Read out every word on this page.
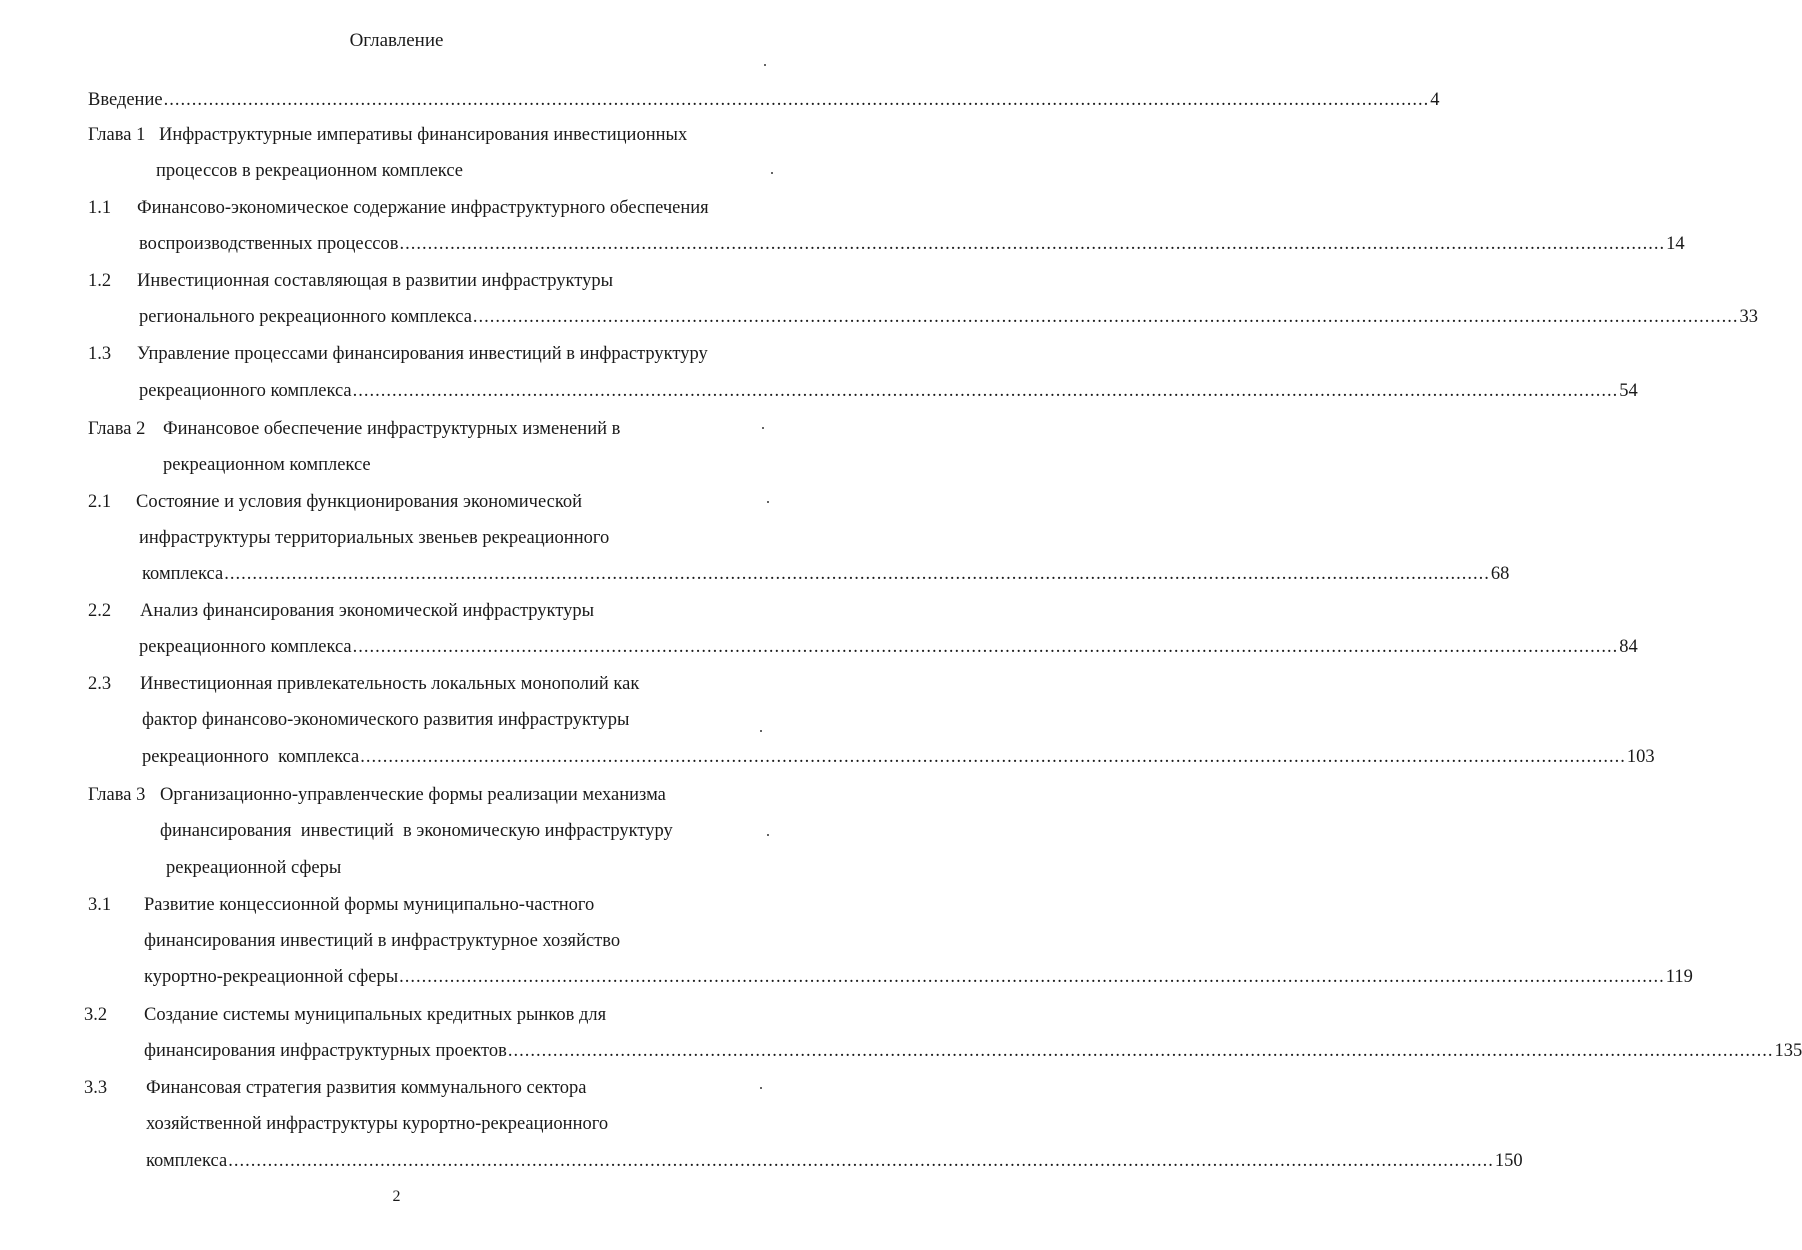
Оглавление
Введение ................................................................................................................................................................................................................................. 4
Глава 1 Инфраструктурные императивы финансирования инвестиционных
процессов в рекреационном комплексе
1.1 Финансово-экономическое содержание инфраструктурного обеспечения
воспроизводственных процессов ................................................................................................................................................................................................................................. 14
1.2 Инвестиционная составляющая в развитии инфраструктуры
регионального рекреационного комплекса ................................................................................................................................................................................................................................. 33
1.3 Управление процессами финансирования инвестиций в инфраструктуру
рекреационного комплекса ................................................................................................................................................................................................................................. 54
Глава 2 Финансовое обеспечение инфраструктурных изменений в
рекреационном комплексе
2.1 Состояние и условия функционирования экономической
инфраструктуры территориальных звеньев рекреационного
комплекса ................................................................................................................................................................................................................................. 68
2.2 Анализ финансирования экономической инфраструктуры
рекреационного комплекса ................................................................................................................................................................................................................................. 84
2.3 Инвестиционная привлекательность локальных монополий как
фактор финансово-экономического развития инфраструктуры
рекреационного  комплекса ................................................................................................................................................................................................................................. 103
Глава 3 Организационно-управленческие формы реализации механизма
финансирования  инвестиций  в экономическую инфраструктуру
рекреационной сферы
3.1 Развитие концессионной формы муниципально-частного
финансирования инвестиций в инфраструктурное хозяйство
курортно-рекреационной сферы ................................................................................................................................................................................................................................. 119
3.2 Создание системы муниципальных кредитных рынков для
финансирования инфраструктурных проектов ................................................................................................................................................................................................................................. 135
3.3 Финансовая стратегия развития коммунального сектора
хозяйственной инфраструктуры курортно-рекреационного
комплекса ................................................................................................................................................................................................................................. 150
2
